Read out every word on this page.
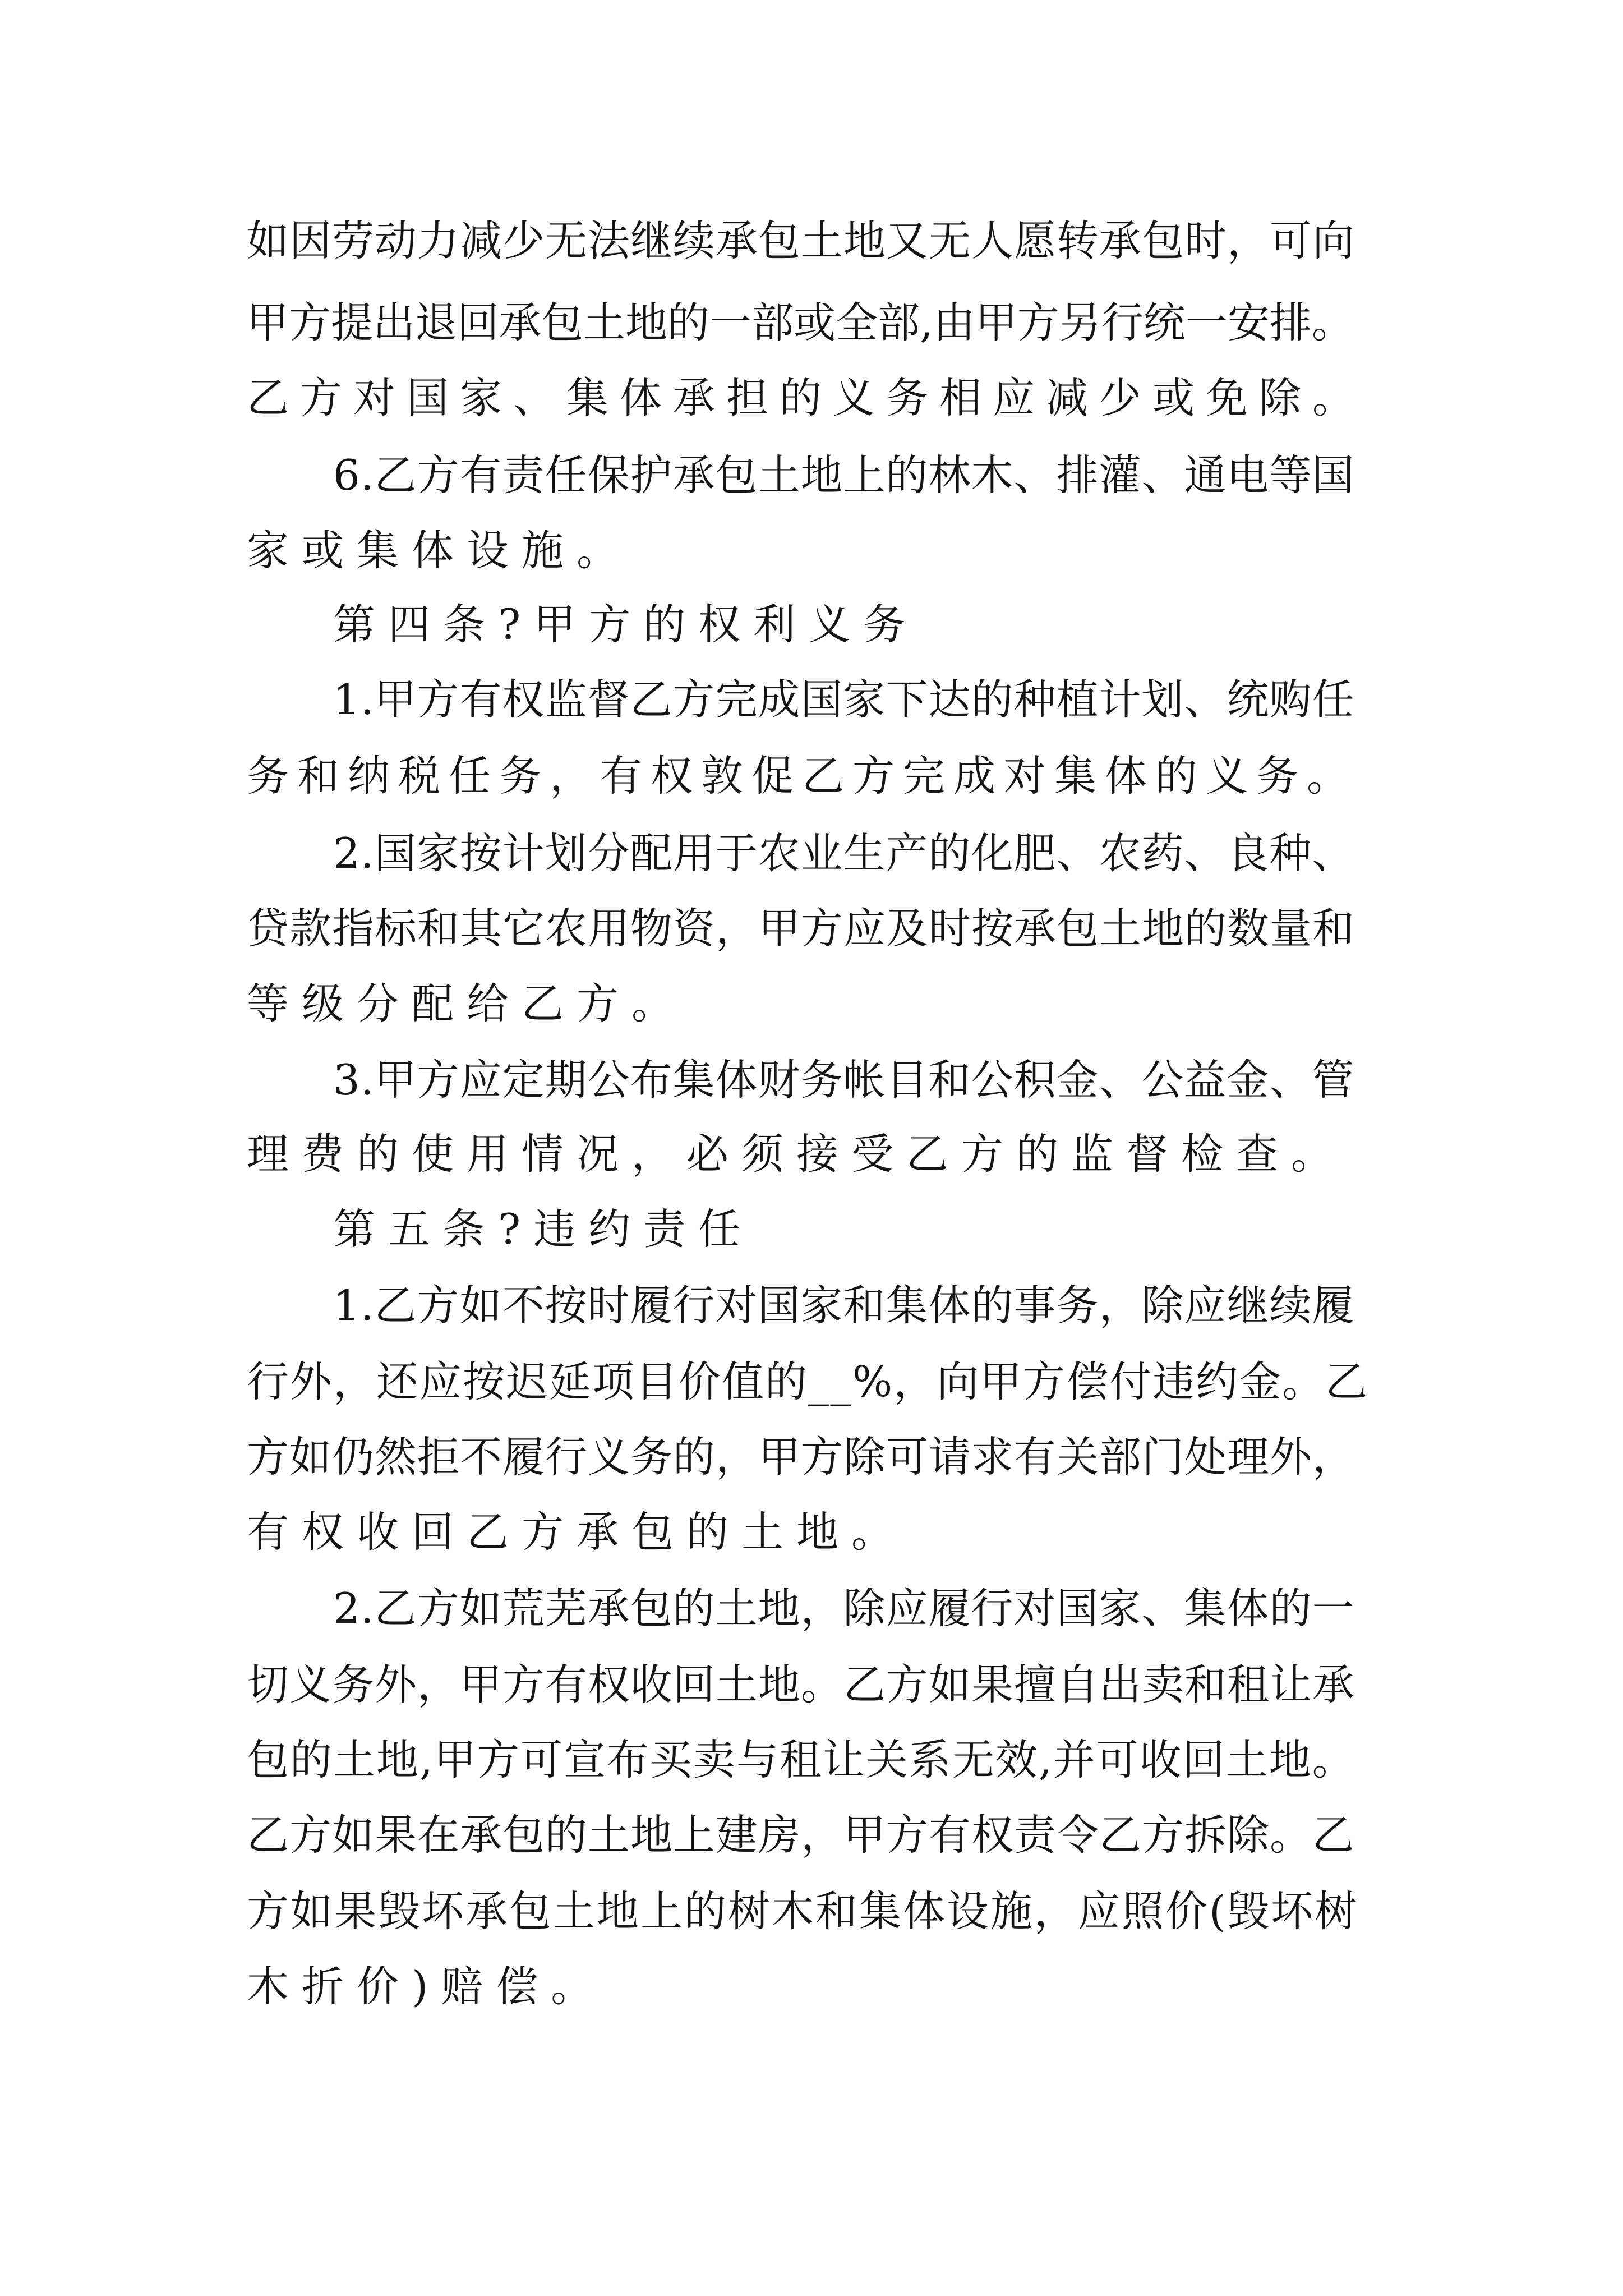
如因劳动力减少无法继续承包土地又无人愿转承包时，可向
甲方提出退回承包土地的一部或全部,由甲方另行统一安排。
乙方对国家、集体承担的义务相应减少或免除。
6.乙方有责任保护承包土地上的林木、排灌、通电等国
家或集体设施。
第四条?甲方的权利义务
1.甲方有权监督乙方完成国家下达的种植计划、统购任
务和纳税任务，有权敦促乙方完成对集体的义务。
2.国家按计划分配用于农业生产的化肥、农药、良种、
贷款指标和其它农用物资，甲方应及时按承包土地的数量和
等级分配给乙方。
3.甲方应定期公布集体财务帐目和公积金、公益金、管
理费的使用情况，必须接受乙方的监督检查。
第五条?违约责任
1.乙方如不按时履行对国家和集体的事务，除应继续履
行外，还应按迟延项目价值的__%，向甲方偿付违约金。乙
方如仍然拒不履行义务的，甲方除可请求有关部门处理外，
有权收回乙方承包的土地。
2.乙方如荒芜承包的土地，除应履行对国家、集体的一
切义务外，甲方有权收回土地。乙方如果擅自出卖和租让承
包的土地,甲方可宣布买卖与租让关系无效,并可收回土地。
乙方如果在承包的土地上建房，甲方有权责令乙方拆除。乙
方如果毁坏承包土地上的树木和集体设施，应照价(毁坏树
木折价)赔偿。
